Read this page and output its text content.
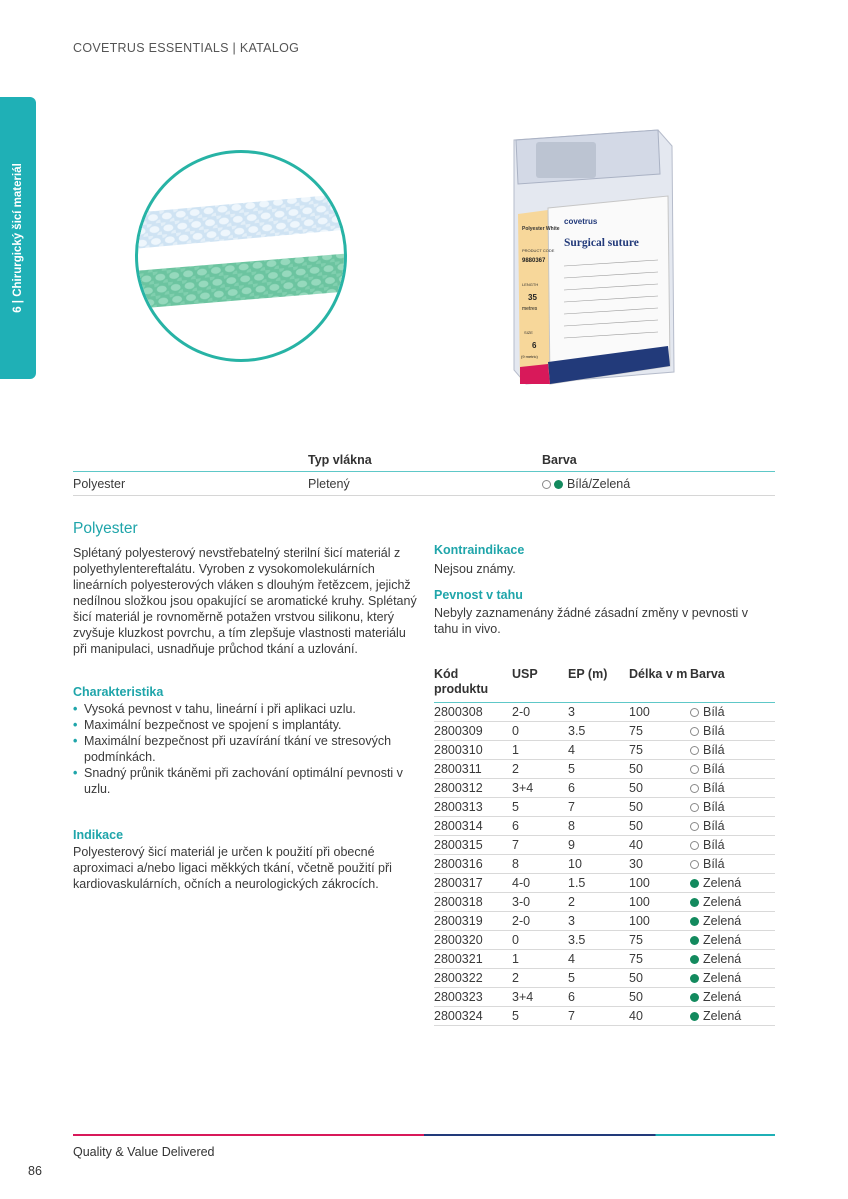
COVETRUS ESSENTIALS | KATALOG
6 | Chirurgický šicí materiál	covetrus
Surgical suture
Polyester White
PRODUCT CODE
9880367
LENGTH
35
metres
SIZE
6
(9 metric)
	Typ vlákna	Barva
Polyester	Pletený	Bílá/Zelená
Polyester
Splétaný polyesterový nevstřebatelný sterilní šicí materiál z polyethylentereftalátu. Vyroben z vysokomolekulárních lineárních polyesterových vláken s dlouhým řetězcem, jejichž nedílnou složkou jsou opakující se aromatické kruhy. Splétaný šicí materiál je rovnoměrně potažen vrstvou silikonu, který zvyšuje kluzkost povrchu, a tím zlepšuje vlastnosti materiálu při manipulaci, usnadňuje průchod tkání a uzlování.
Charakteristika
• Vysoká pevnost v tahu, lineární i při aplikaci uzlu.
• Maximální bezpečnost ve spojení s implantáty.
• Maximální bezpečnost při uzavírání tkání ve stresových podmínkách.
• Snadný průnik tkáněmi při zachování optimální pevnosti v uzlu.
Indikace
Polyesterový šicí materiál je určen k použití při obecné aproximaci a/nebo ligaci měkkých tkání, včetně použití při kardiovaskulárních, očních a neurologických zákrocích.
Kontraindikace
Nejsou známy.
Pevnost v tahu
Nebyly zaznamenány žádné zásadní změny v pevnosti v tahu in vivo.
Kód produktu	USP	EP (m)	Délka v m	Barva
2800308	2-0	3	100	Bílá
2800309	0	3.5	75	Bílá
2800310	1	4	75	Bílá
2800311	2	5	50	Bílá
2800312	3+4	6	50	Bílá
2800313	5	7	50	Bílá
2800314	6	8	50	Bílá
2800315	7	9	40	Bílá
2800316	8	10	30	Bílá
2800317	4-0	1.5	100	Zelená
2800318	3-0	2	100	Zelená
2800319	2-0	3	100	Zelená
2800320	0	3.5	75	Zelená
2800321	1	4	75	Zelená
2800322	2	5	50	Zelená
2800323	3+4	6	50	Zelená
2800324	5	7	40	Zelená
Quality & Value Delivered
86
